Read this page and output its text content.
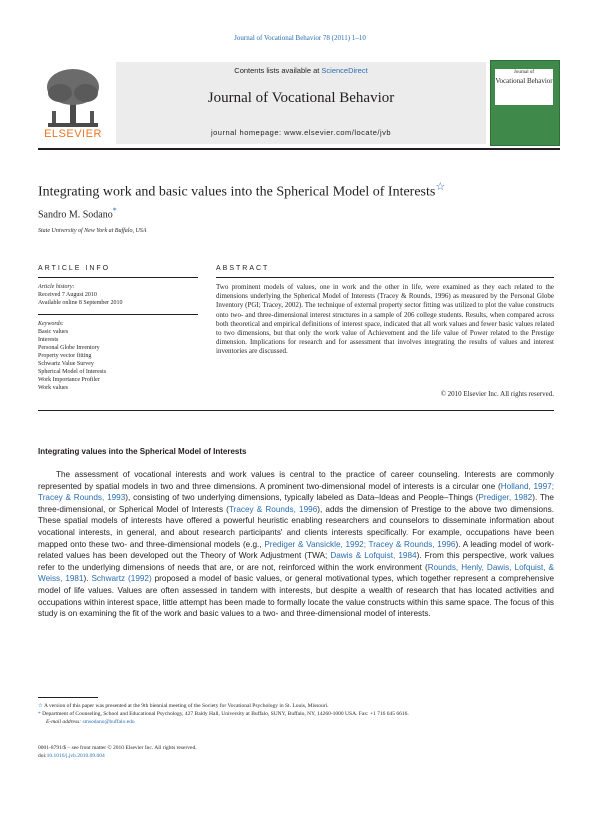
Journal of Vocational Behavior 78 (2011) 1–10
ELSEVIER
Contents lists available at ScienceDirect
Journal of Vocational Behavior
journal homepage: www.elsevier.com/locate/jvb

Journal of
Vocational Behavior
Integrating work and basic values into the Spherical Model of Interests☆
Sandro M. Sodano*
State University of New York at Buffalo, USA
ARTICLE INFO
Article history:
Received 7 August 2010
Available online 8 September 2010
Keywords:
Basic values
Interests
Personal Globe Inventory
Property vector fitting
Schwartz Value Survey
Spherical Model of Interests
Work Importance Profiler
Work values
ABSTRACT
Two prominent models of values, one in work and the other in life, were examined as they each related to the dimensions underlying the Spherical Model of Interests (Tracey & Rounds, 1996) as measured by the Personal Globe Inventory (PGI; Tracey, 2002). The technique of external property sector fitting was utilized to plot the value constructs onto two- and three-dimensional interest structures in a sample of 206 college students. Results, when compared across both theoretical and empirical definitions of interest space, indicated that all work values and fewer basic values related to two dimensions, but that only the work value of Achievement and the life value of Power related to the Prestige dimension. Implications for research and for assessment that involves integrating the results of values and interest inventories are discussed.
© 2010 Elsevier Inc. All rights reserved.
Integrating values into the Spherical Model of Interests

The assessment of vocational interests and work values is central to the practice of career counseling. Interests are commonly represented by spatial models in two and three dimensions. A prominent two-dimensional model of interests is a circular one (Holland, 1997; Tracey & Rounds, 1993), consisting of two underlying dimensions, typically labeled as Data–Ideas and People–Things (Prediger, 1982). The three-dimensional, or Spherical Model of Interests (Tracey & Rounds, 1996), adds the dimension of Prestige to the above two dimensions. These spatial models of interests have offered a powerful heuristic enabling researchers and counselors to disseminate information about vocational interests, in general, and about research participants' and clients interests specifically. For example, occupations have been mapped onto these two- and three-dimensional models (e.g., Prediger & Vansickle, 1992; Tracey & Rounds, 1996). A leading model of work-related values has been developed out the Theory of Work Adjustment (TWA; Dawis & Lofquist, 1984). From this perspective, work values refer to the underlying dimensions of needs that are, or are not, reinforced within the work environment (Rounds, Henly, Dawis, Lofquist, & Weiss, 1981). Schwartz (1992) proposed a model of basic values, or general motivational types, which together represent a comprehensive model of life values. Values are often assessed in tandem with interests, but despite a wealth of research that has located activities and occupations within interest space, little attempt has been made to formally locate the value constructs within this same space. The focus of this study is on examining the fit of the work and basic values to a two- and three-dimensional model of interests.

☆ A version of this paper was presented at the 9th biennial meeting of the Society for Vocational Psychology in St. Louis, Missouri.
* Department of Counseling, School and Educational Psychology, 427 Baldy Hall, University at Buffalo, SUNY, Buffalo, NY, 14260-1000 USA. Fax: +1 716 645 6616.
E-mail address: smsodano@buffalo.edu
0001-8791/$ – see front matter © 2010 Elsevier Inc. All rights reserved.
doi:10.1016/j.jvb.2010.09.004
